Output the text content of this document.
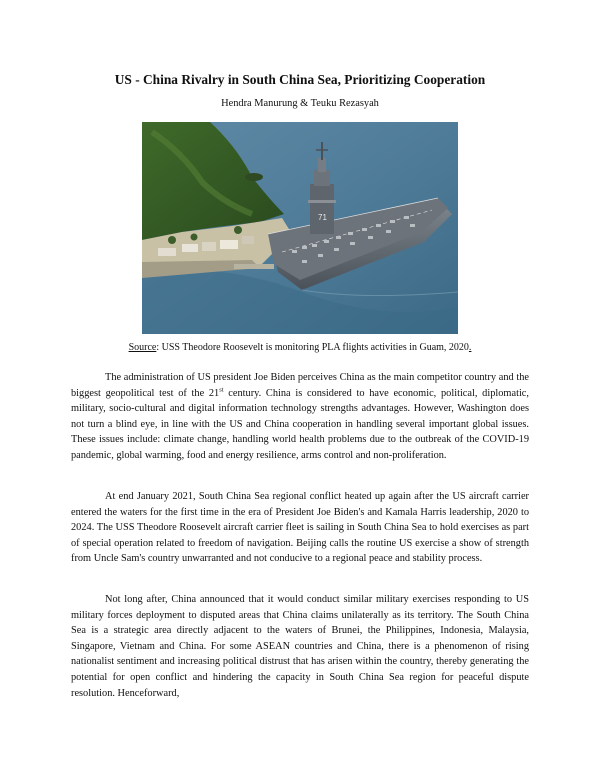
US - China Rivalry in South China Sea, Prioritizing Cooperation
Hendra Manurung & Teuku Rezasyah
71
Source: USS Theodore Roosevelt is monitoring PLA flights activities in Guam, 2020.

The administration of US president Joe Biden perceives China as the main competitor country and the biggest geopolitical test of the 21st century. China is considered to have economic, political, diplomatic, military, socio-cultural and digital information technology strengths advantages. However, Washington does not turn a blind eye, in line with the US and China cooperation in handling several important global issues. These issues include: climate change, handling world health problems due to the outbreak of the COVID-19 pandemic, global warming, food and energy resilience, arms control and non-proliferation.

At end January 2021, South China Sea regional conflict heated up again after the US aircraft carrier entered the waters for the first time in the era of President Joe Biden's and Kamala Harris leadership, 2020 to 2024. The USS Theodore Roosevelt aircraft carrier fleet is sailing in South China Sea to hold exercises as part of special operation related to freedom of navigation. Beijing calls the routine US exercise a show of strength from Uncle Sam's country unwarranted and not conducive to a regional peace and stability process.

Not long after, China announced that it would conduct similar military exercises responding to US military forces deployment to disputed areas that China claims unilaterally as its territory. The South China Sea is a strategic area directly adjacent to the waters of Brunei, the Philippines, Indonesia, Malaysia, Singapore, Vietnam and China. For some ASEAN countries and China, there is a phenomenon of rising nationalist sentiment and increasing political distrust that has arisen within the country, thereby generating the potential for open conflict and hindering the capacity in South China Sea region for peaceful dispute resolution. Henceforward,
